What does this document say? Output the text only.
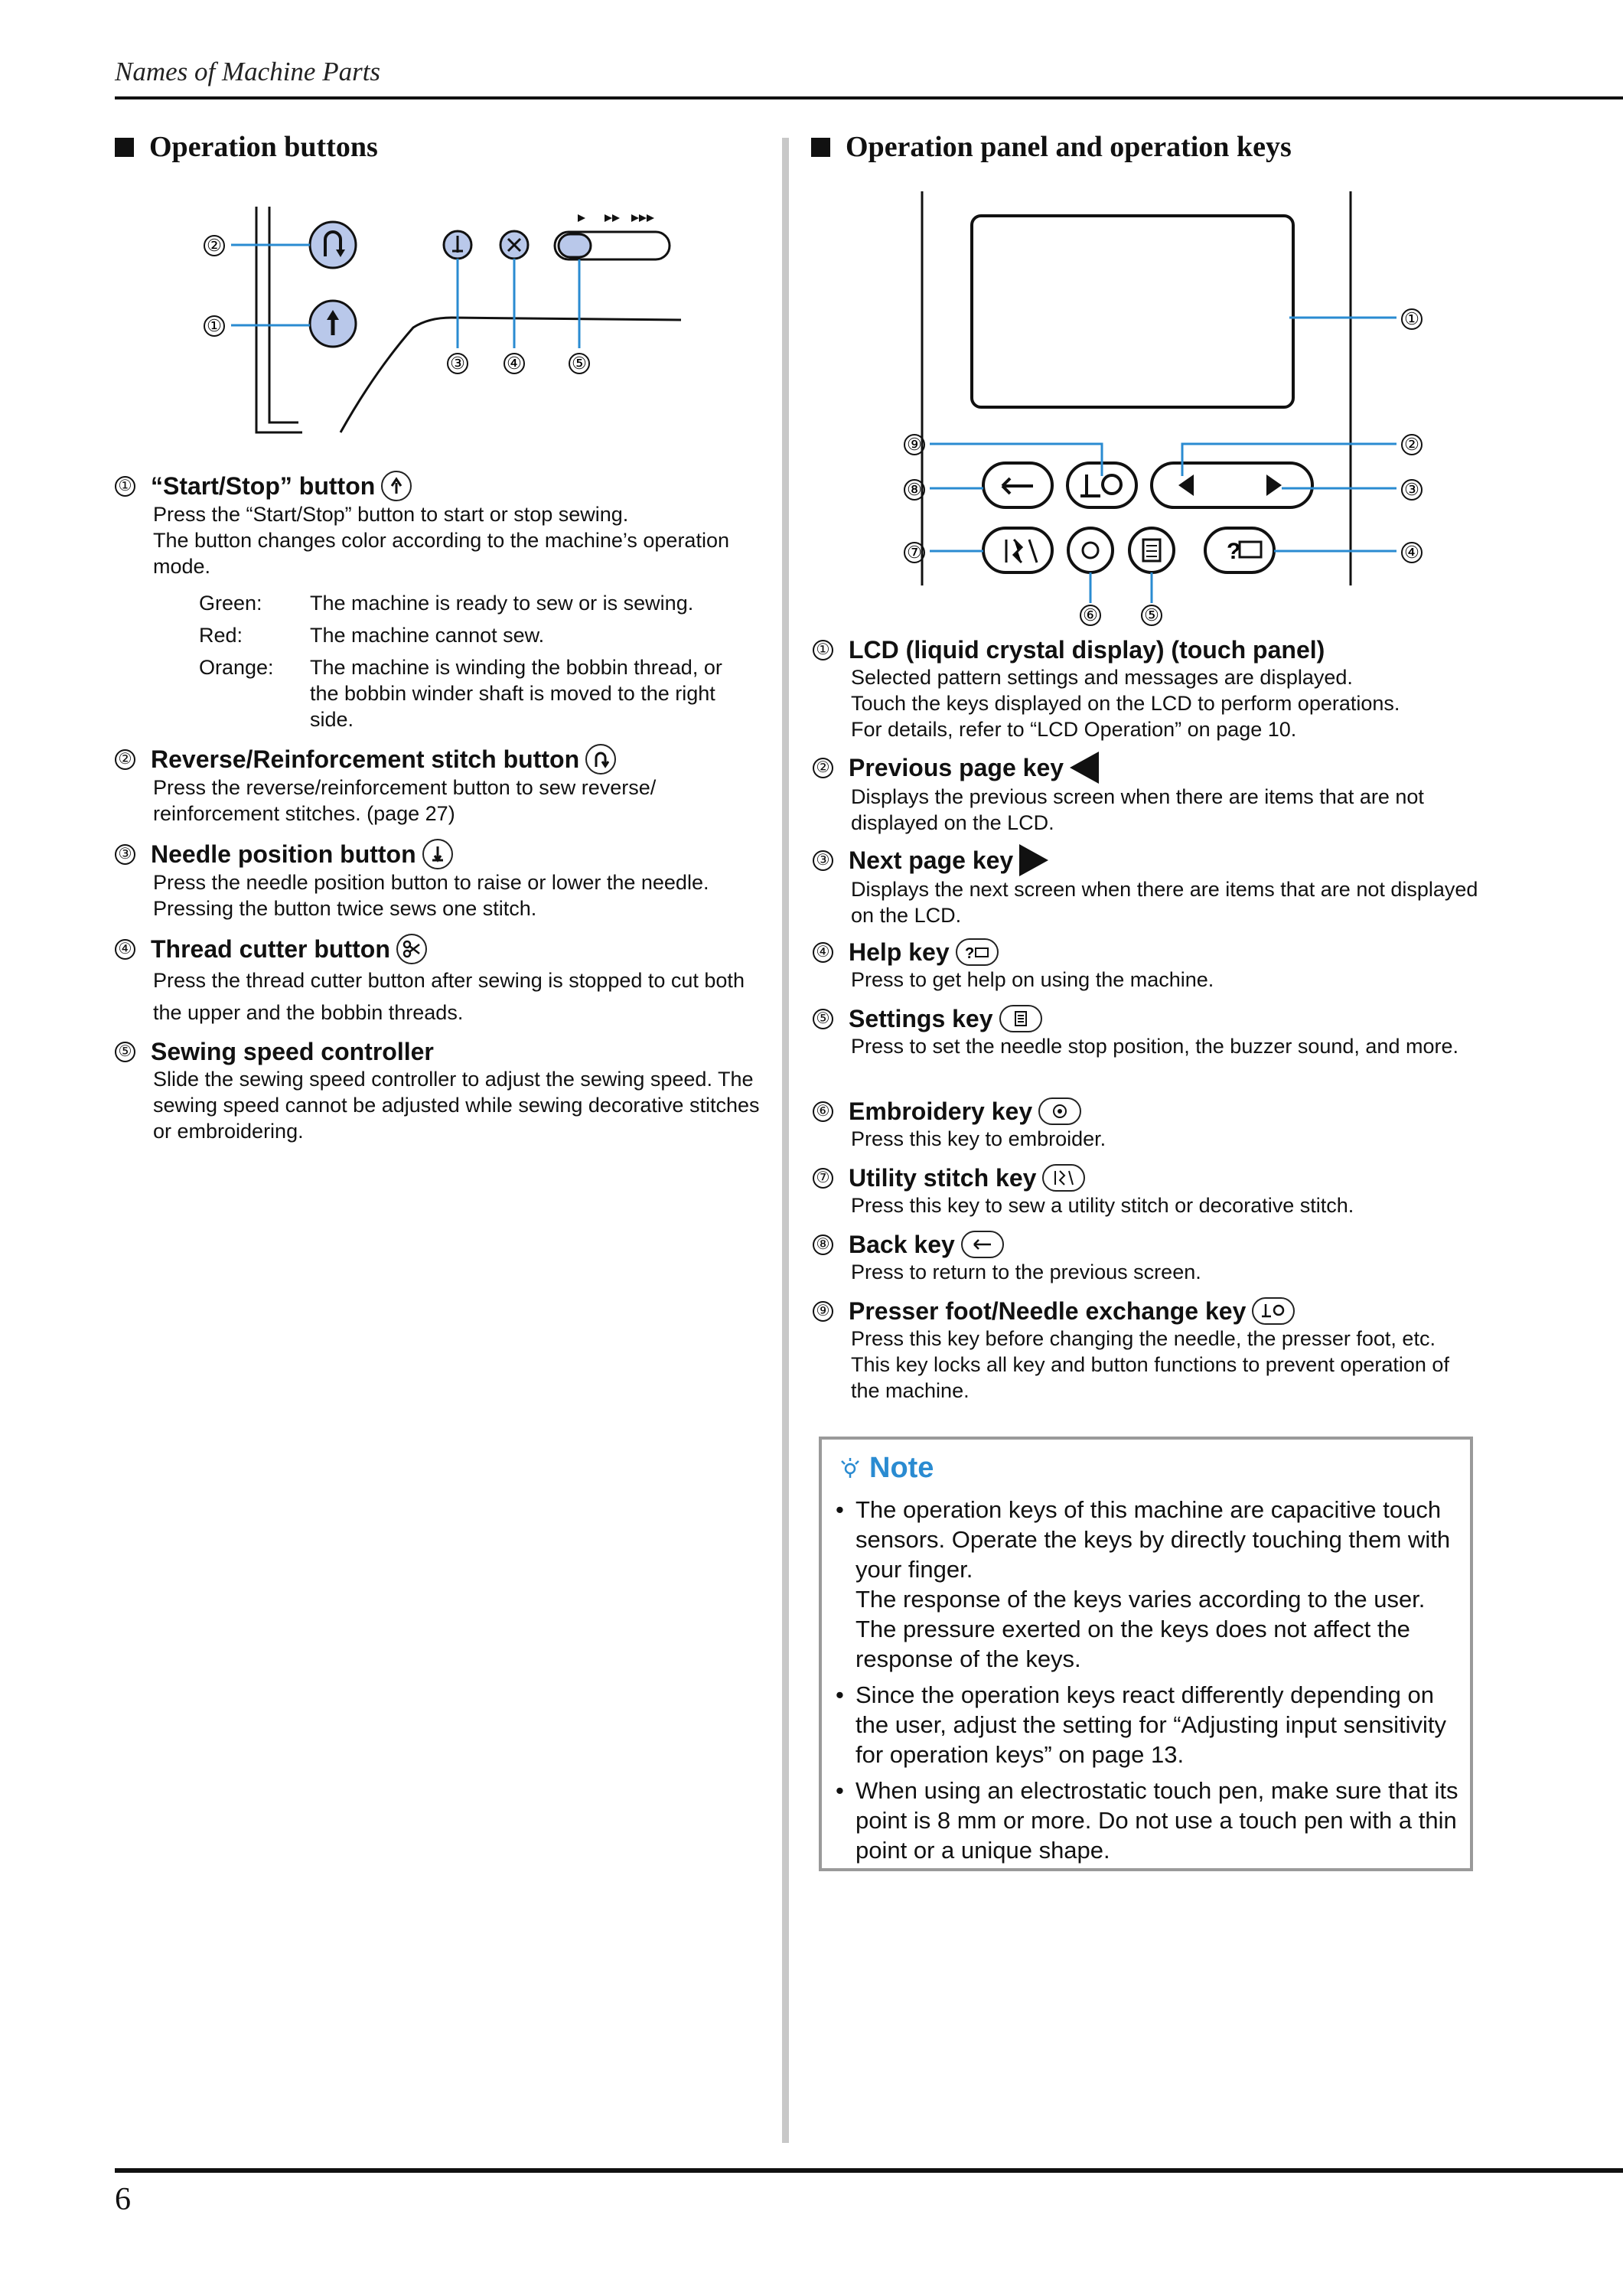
Names of Machine Parts
Operation buttons	Operation panel and operation keys
②
①
③ ④	⑤
?
①
②
③
④
⑤
⑥
⑦
⑧
⑨
① “Start/Stop” button

Press the “Start/Stop” button to start or stop sewing.

The button changes color according to the machine’s operation mode.

Green:	The machine is ready to sew or is sewing.
Red:	The machine cannot sew.
Orange:	The machine is winding the bobbin thread, or the bobbin winder shaft is moved to the right side.
② Reverse/Reinforcement stitch button

Press the reverse/reinforcement button to sew reverse/ reinforcement stitches. (page 27)

③ Needle position button

Press the needle position button to raise or lower the needle. Pressing the button twice sews one stitch.

④ Thread cutter button

Press the thread cutter button after sewing is stopped to cut both the upper and the bobbin threads.

⑤ Sewing speed controller

Slide the sewing speed controller to adjust the sewing speed. The sewing speed cannot be adjusted while sewing decorative stitches or embroidering.

① LCD (liquid crystal display) (touch panel)

Selected pattern settings and messages are displayed.

Touch the keys displayed on the LCD to perform operations.

For details, refer to “LCD Operation” on page 10.

② Previous page key

Displays the previous screen when there are items that are not displayed on the LCD.

③ Next page key

Displays the next screen when there are items that are not displayed on the LCD.

④ Help key ?

Press to get help on using the machine.

⑤ Settings key

Press to set the needle stop position, the buzzer sound, and more.

⑥ Embroidery key

Press this key to embroider.

⑦ Utility stitch key

Press this key to sew a utility stitch or decorative stitch.

⑧ Back key

Press to return to the previous screen.

⑨ Presser foot/Needle exchange key

Press this key before changing the needle, the presser foot, etc. This key locks all key and button functions to prevent operation of the machine.

Note
• The operation keys of this machine are capacitive touch sensors. Operate the keys by directly touching them with your finger.
The response of the keys varies according to the user. The pressure exerted on the keys does not affect the response of the keys.
• Since the operation keys react differently depending on the user, adjust the setting for “Adjusting input sensitivity for operation keys” on page 13.
• When using an electrostatic touch pen, make sure that its point is 8 mm or more. Do not use a touch pen with a thin point or a unique shape.
6
